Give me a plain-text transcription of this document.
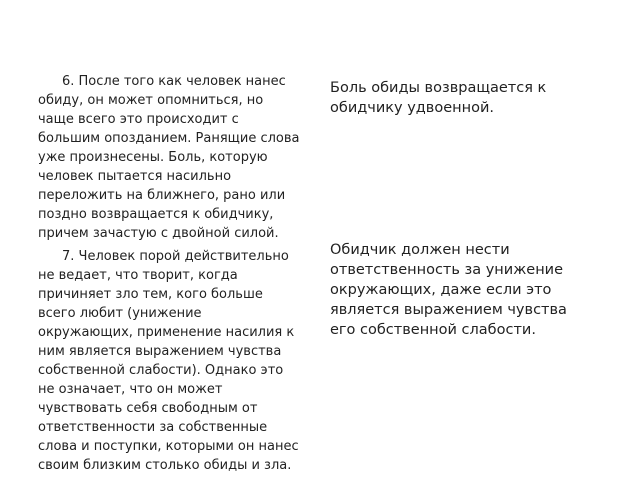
6. После того как человек нанес обиду, он может опомниться, но чаще всего это происходит с большим опозданием. Ранящие слова уже произнесены. Боль, которую человек пытается насильно переложить на ближнего, рано или поздно возвращается к обидчику, причем зачастую с двойной силой.

7. Человек порой действительно не ведает, что творит, когда причиняет зло тем, кого больше всего любит (унижение окружающих, применение насилия к ним является выражением чувства собственной слабости). Однако это не означает, что он может чувствовать себя свободным от ответственности за собственные слова и поступки, которыми он нанес своим близким столько обиды и зла.

Боль обиды возвращается к обидчику удвоенной.

Обидчик должен нести ответственность за унижение окружающих, даже если это является выражением чувства его собственной слабости.
